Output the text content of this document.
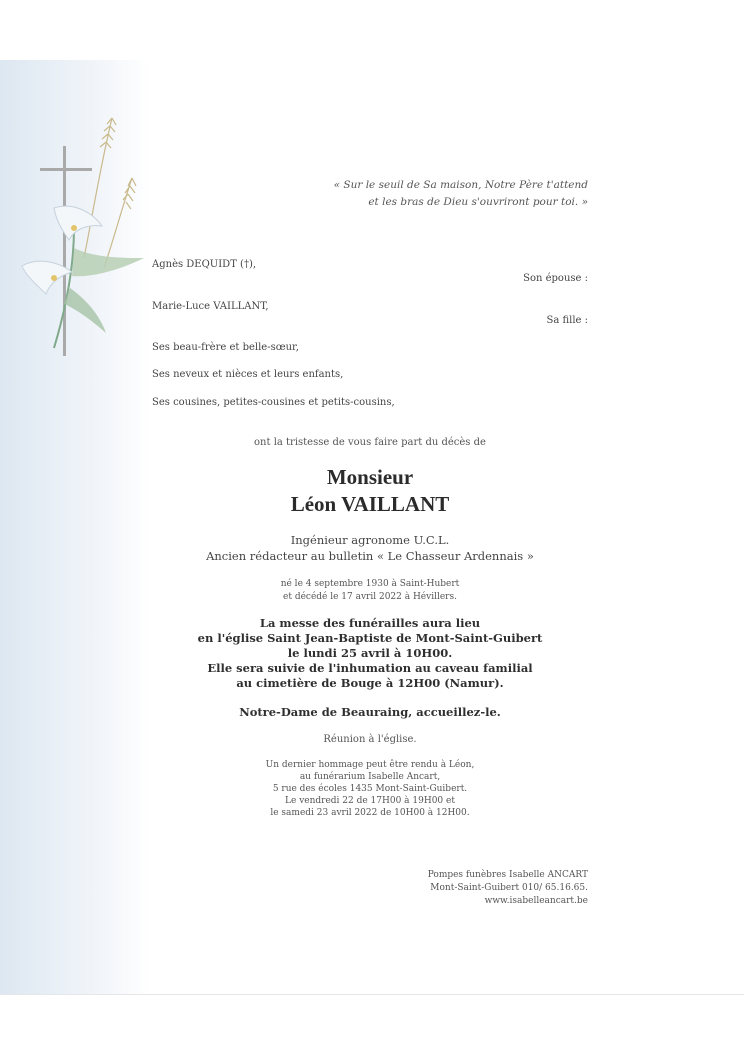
« Sur le seuil de Sa maison, Notre Père t'attend
et les bras de Dieu s'ouvriront pour toi. »
Agnès DEQUIDT (†),
Son épouse :
Marie-Luce VAILLANT,
Sa fille :
Ses beau-frère et belle-sœur,
Ses neveux et nièces et leurs enfants,
Ses cousines, petites-cousines et petits-cousins,
ont la tristesse de vous faire part du décès de
Monsieur
Léon VAILLANT
Ingénieur agronome U.C.L.
Ancien rédacteur au bulletin « Le Chasseur Ardennais »
né le 4 septembre 1930 à Saint-Hubert
et décédé le 17 avril 2022 à Hévillers.
La messe des funérailles aura lieu
en l'église Saint Jean-Baptiste de Mont-Saint-Guibert
le lundi 25 avril à 10H00.
Elle sera suivie de l'inhumation au caveau familial
au cimetière de Bouge à 12H00 (Namur).
Notre-Dame de Beauraing, accueillez-le.
Réunion à l'église.
Un dernier hommage peut être rendu à Léon,
au funérarium Isabelle Ancart,
5 rue des écoles 1435 Mont-Saint-Guibert.
Le vendredi 22 de 17H00 à 19H00 et
le samedi 23 avril 2022 de 10H00 à 12H00.
Pompes funèbres Isabelle ANCART
Mont-Saint-Guibert 010/ 65.16.65.
www.isabelleancart.be
